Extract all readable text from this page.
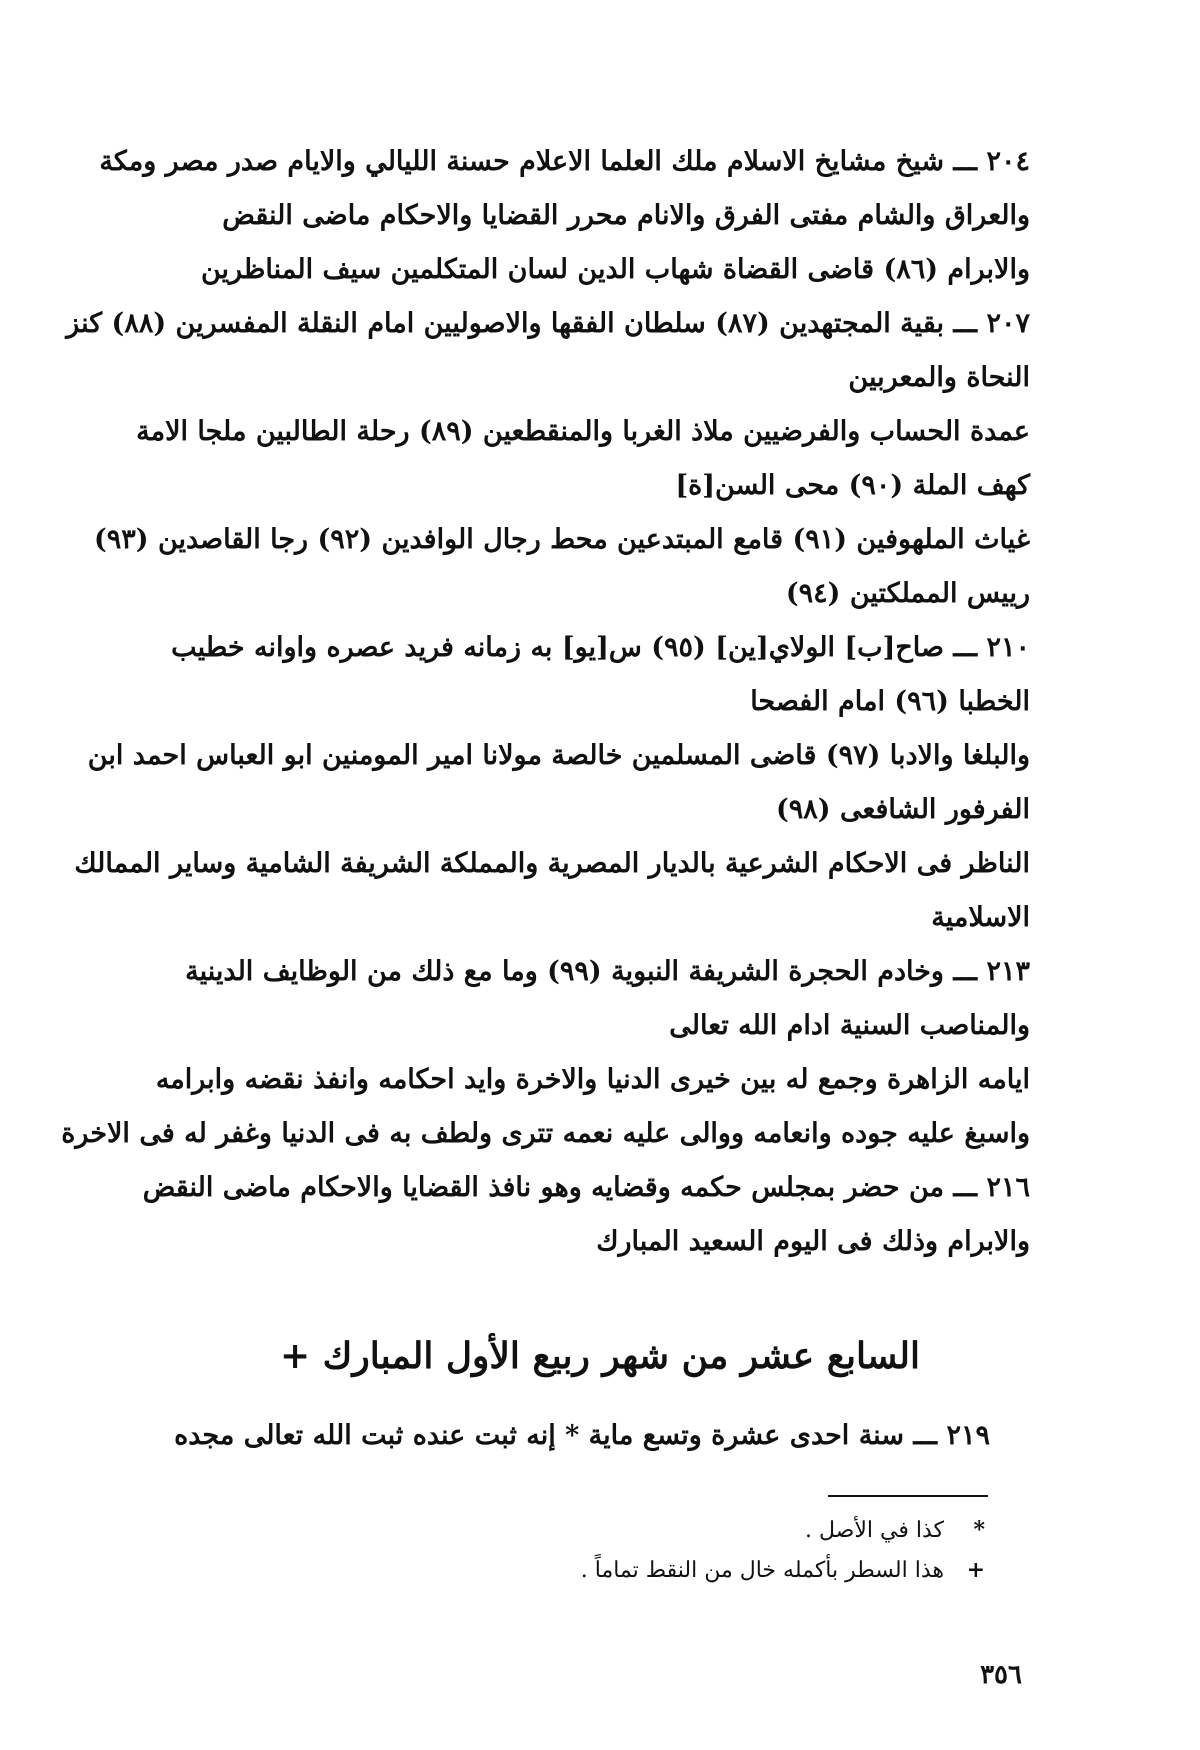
٢٠٤ ـــ شيخ مشايخ الاسلام ملك العلما الاعلام حسنة الليالي والايام صدر مصر ومكة
والعراق والشام مفتى الفرق والانام محرر القضايا والاحكام ماضى النقض
والابرام (٨٦) قاضى القضاة شهاب الدين لسان المتكلمين سيف المناظرين
٢٠٧ ـــ بقية المجتهدين (٨٧) سلطان الفقها والاصوليين امام النقلة المفسرين (٨٨) كنز
النحاة والمعربين
عمدة الحساب والفرضيين ملاذ الغربا والمنقطعين (٨٩) رحلة الطالبين ملجا الامة
كهف الملة (٩٠) محى السن[ة]
غياث الملهوفين (٩١) قامع المبتدعين محط رجال الوافدين (٩٢) رجا القاصدين (٩٣)
رييس المملكتين (٩٤)
٢١٠ ـــ صاح[ب] الولاي[ين] (٩٥) س[يو] به زمانه فريد عصره واوانه خطيب
الخطبا (٩٦) امام الفصحا
والبلغا والادبا (٩٧) قاضى المسلمين خالصة مولانا امير المومنين ابو العباس احمد ابن
الفرفور الشافعى (٩٨)
الناظر فى الاحكام الشرعية بالديار المصرية والمملكة الشريفة الشامية وساير الممالك
الاسلامية
٢١٣ ـــ وخادم الحجرة الشريفة النبوية (٩٩) وما مع ذلك من الوظايف الدينية
والمناصب السنية ادام الله تعالى
ايامه الزاهرة وجمع له بين خيرى الدنيا والاخرة وايد احكامه وانفذ نقضه وابرامه
واسبغ عليه جوده وانعامه ووالى عليه نعمه تترى ولطف به فى الدنيا وغفر له فى الاخرة
٢١٦ ـــ من حضر بمجلس حكمه وقضايه وهو نافذ القضايا والاحكام ماضى النقض
والابرام وذلك فى اليوم السعيد المبارك
السابع عشر من شهر ربيع الأول المبارك +
٢١٩ ـــ سنة احدى عشرة وتسع ماية * إنه ثبت عنده ثبت الله تعالى مجده
* كذا في الأصل .
+ هذا السطر بأكمله خال من النقط تماماً .
٣٥٦
